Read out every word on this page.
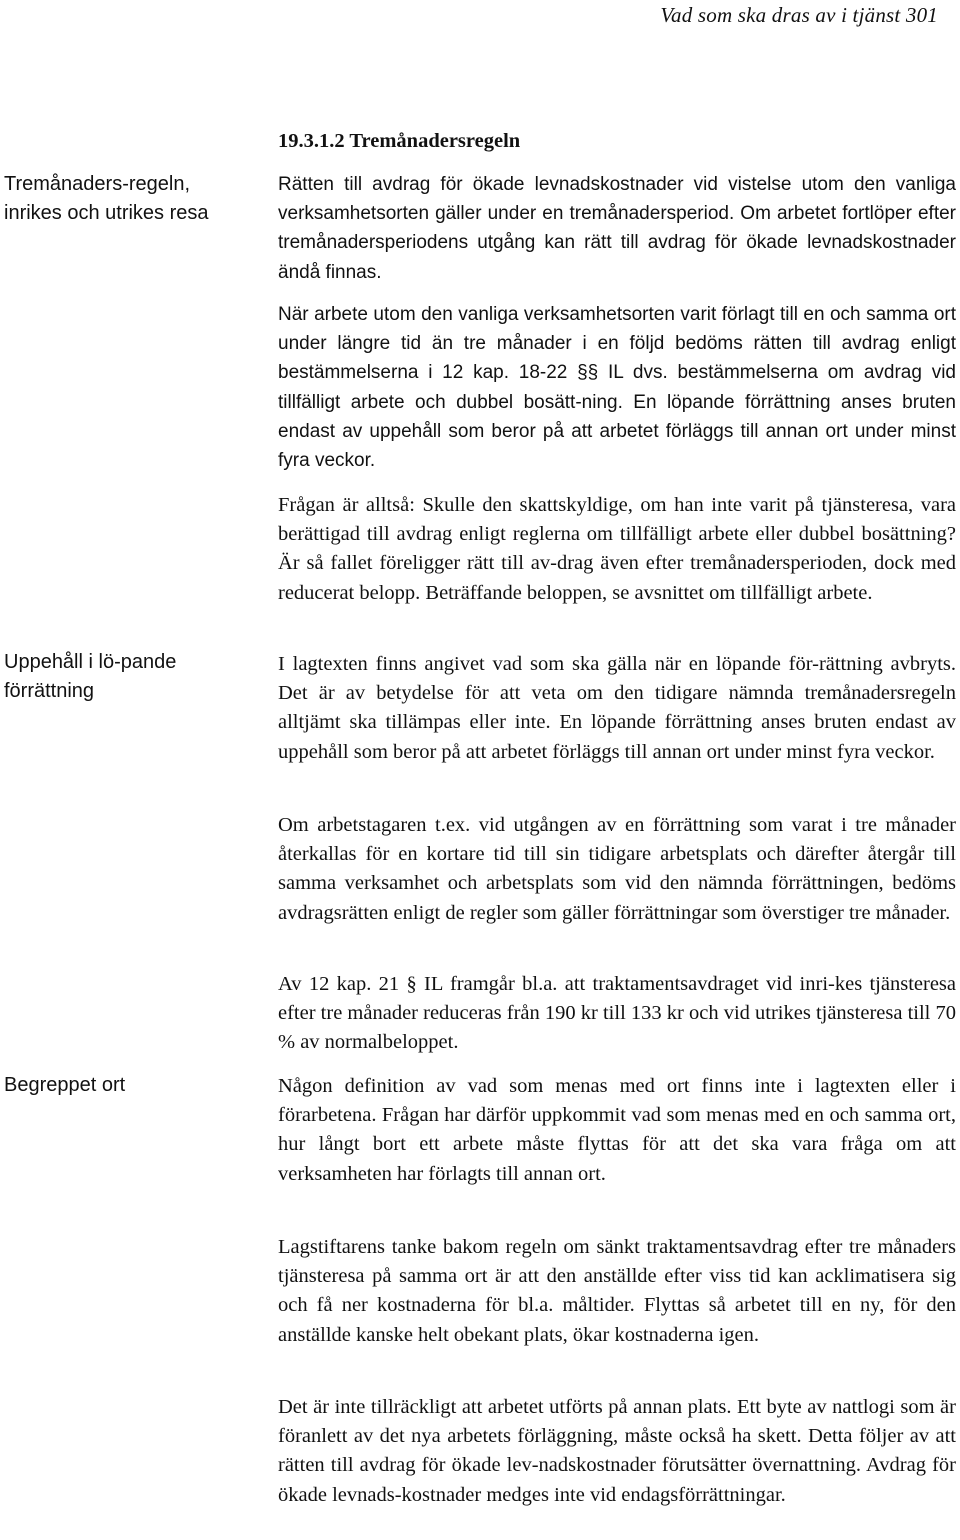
Vad som ska dras av i tjänst 301
19.3.1.2 Tremånadersregeln
Tremånaders-regeln, inrikes och utrikes resa
Uppehåll i lö-pande förrättning
Begreppet ort

Rätten till avdrag för ökade levnadskostnader vid vistelse utom den vanliga verksamhetsorten gäller under en tremånadersperiod. Om arbetet fortlöper efter tremånadersperiodens utgång kan rätt till avdrag för ökade levnadskostnader ändå finnas.

När arbete utom den vanliga verksamhetsorten varit förlagt till en och samma ort under längre tid än tre månader i en följd bedöms rätten till avdrag enligt bestämmelserna i 12 kap. 18-22 §§ IL dvs. bestämmelserna om avdrag vid tillfälligt arbete och dubbel bosätt-ning. En löpande förrättning anses bruten endast av uppehåll som beror på att arbetet förläggs till annan ort under minst fyra veckor.

Frågan är alltså: Skulle den skattskyldige, om han inte varit på tjänsteresa, vara berättigad till avdrag enligt reglerna om tillfälligt arbete eller dubbel bosättning? Är så fallet föreligger rätt till av-drag även efter tremånadersperioden, dock med reducerat belopp. Beträffande beloppen, se avsnittet om tillfälligt arbete.

I lagtexten finns angivet vad som ska gälla när en löpande för-rättning avbryts. Det är av betydelse för att veta om den tidigare nämnda tremånadersregeln alltjämt ska tillämpas eller inte. En löpande förrättning anses bruten endast av uppehåll som beror på att arbetet förläggs till annan ort under minst fyra veckor.

Om arbetstagaren t.ex. vid utgången av en förrättning som varat i tre månader återkallas för en kortare tid till sin tidigare arbetsplats och därefter återgår till samma verksamhet och arbetsplats som vid den nämnda förrättningen, bedöms avdragsrätten enligt de regler som gäller förrättningar som överstiger tre månader.

Av 12 kap. 21 § IL framgår bl.a. att traktamentsavdraget vid inri-kes tjänsteresa efter tre månader reduceras från 190 kr till 133 kr och vid utrikes tjänsteresa till 70 % av normalbeloppet.

Någon definition av vad som menas med ort finns inte i lagtexten eller i förarbetena. Frågan har därför uppkommit vad som menas med en och samma ort, hur långt bort ett arbete måste flyttas för att det ska vara fråga om att verksamheten har förlagts till annan ort.

Lagstiftarens tanke bakom regeln om sänkt traktamentsavdrag efter tre månaders tjänsteresa på samma ort är att den anställde efter viss tid kan acklimatisera sig och få ner kostnaderna för bl.a. måltider. Flyttas så arbetet till en ny, för den anställde kanske helt obekant plats, ökar kostnaderna igen.

Det är inte tillräckligt att arbetet utförts på annan plats. Ett byte av nattlogi som är föranlett av det nya arbetets förläggning, måste också ha skett. Detta följer av att rätten till avdrag för ökade lev-nadskostnader förutsätter övernattning. Avdrag för ökade levnads-kostnader medges inte vid endagsförrättningar.
